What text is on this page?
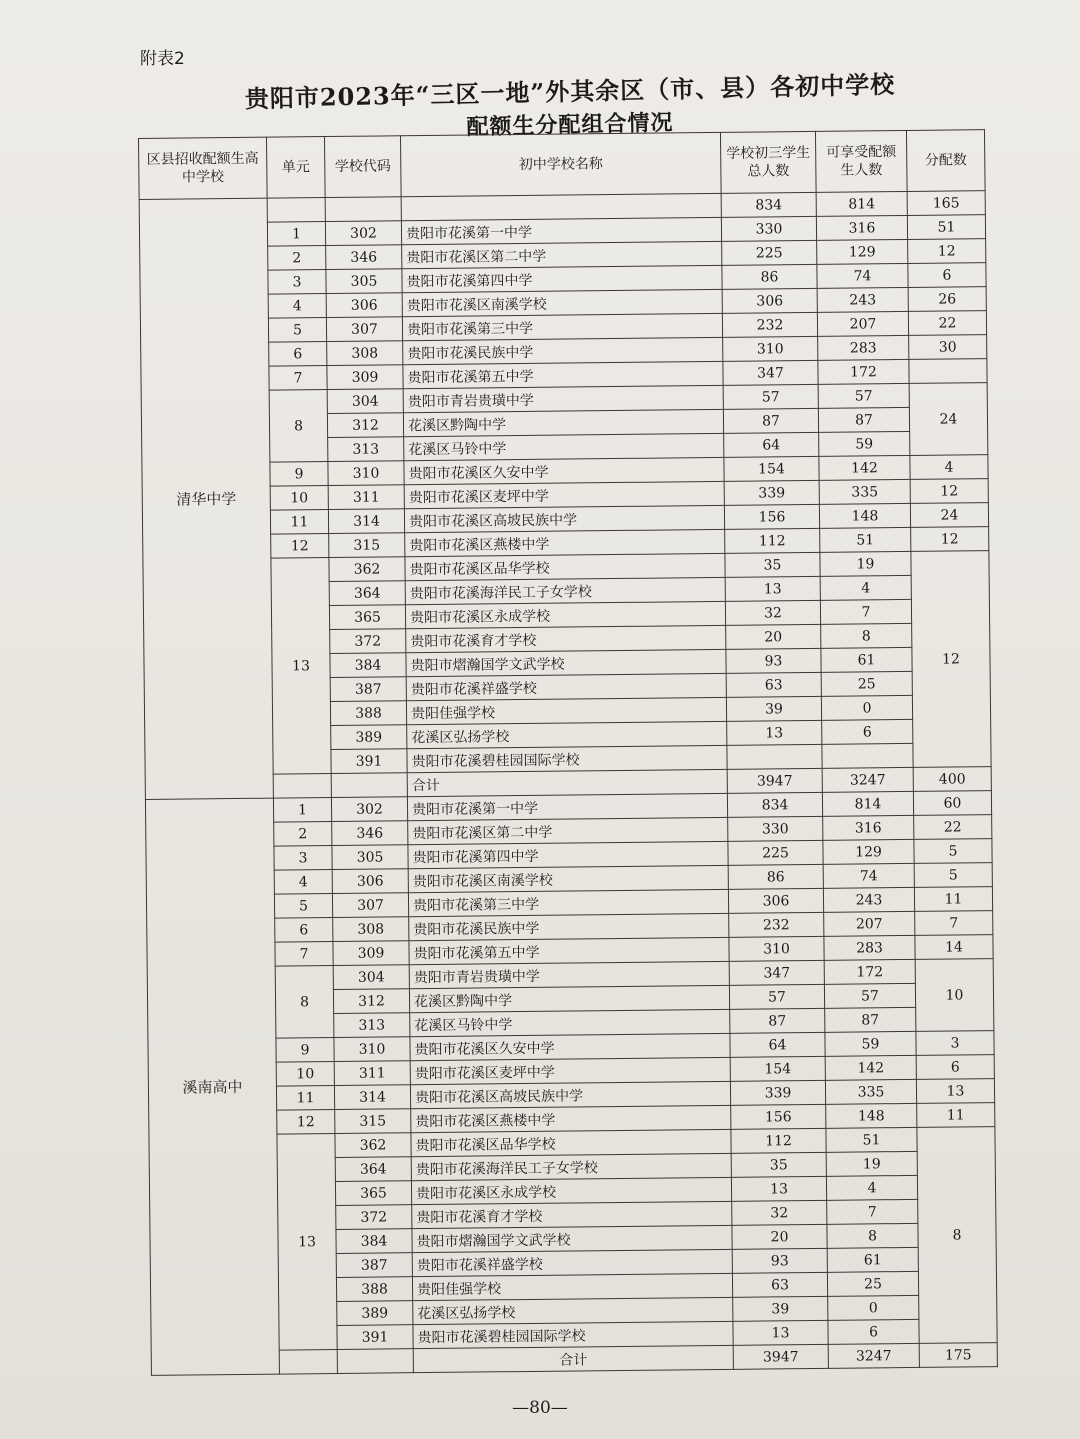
附表2
贵阳市2023年“三区一地”外其余区（市、县）各初中学校
配额生分配组合情况
区县招收配额生高中学校	单元	学校代码	初中学校名称	学校初三学生总人数	可享受配额生人数	分配数
清华中学				834	814	165
	1	302	贵阳市花溪第一中学	330	316	51
	2	346	贵阳市花溪区第二中学	225	129	12
	3	305	贵阳市花溪第四中学	86	74	6
	4	306	贵阳市花溪区南溪学校	306	243	26
	5	307	贵阳市花溪第三中学	232	207	22
	6	308	贵阳市花溪民族中学	310	283	30
	7	309	贵阳市花溪第五中学	347	172	
	8	304	贵阳市青岩贵璜中学	57	57	24
		312	花溪区黔陶中学	87	87	
		313	花溪区马铃中学	64	59	
	9	310	贵阳市花溪区久安中学	154	142	4
	10	311	贵阳市花溪区麦坪中学	339	335	12
	11	314	贵阳市花溪区高坡民族中学	156	148	24
	12	315	贵阳市花溪区燕楼中学	112	51	12
	13	362	贵阳市花溪区品华学校	35	19	12
		364	贵阳市花溪海洋民工子女学校	13	4	
		365	贵阳市花溪区永成学校	32	7	
		372	贵阳市花溪育才学校	20	8	
		384	贵阳市熠瀚国学文武学校	93	61	
		387	贵阳市花溪祥盛学校	63	25	
		388	贵阳佳强学校	39	0	
		389	花溪区弘扬学校	13	6	
		391	贵阳市花溪碧桂园国际学校			
			合计	3947	3247	400
溪南高中	1	302	贵阳市花溪第一中学	834	814	60
	2	346	贵阳市花溪区第二中学	330	316	22
	3	305	贵阳市花溪第四中学	225	129	5
	4	306	贵阳市花溪区南溪学校	86	74	5
	5	307	贵阳市花溪第三中学	306	243	11
	6	308	贵阳市花溪民族中学	232	207	7
	7	309	贵阳市花溪第五中学	310	283	14
	8	304	贵阳市青岩贵璜中学	347	172	10
		312	花溪区黔陶中学	57	57	
		313	花溪区马铃中学	87	87	
	9	310	贵阳市花溪区久安中学	64	59	3
	10	311	贵阳市花溪区麦坪中学	154	142	6
	11	314	贵阳市花溪区高坡民族中学	339	335	13
	12	315	贵阳市花溪区燕楼中学	156	148	11
	13	362	贵阳市花溪区品华学校	112	51	8
		364	贵阳市花溪海洋民工子女学校	35	19	
		365	贵阳市花溪区永成学校	13	4	
		372	贵阳市花溪育才学校	32	7	
		384	贵阳市熠瀚国学文武学校	20	8	
		387	贵阳市花溪祥盛学校	93	61	
		388	贵阳佳强学校	63	25	
		389	花溪区弘扬学校	39	0	
		391	贵阳市花溪碧桂园国际学校	13	6	
			合计	3947	3247	175
—80—
